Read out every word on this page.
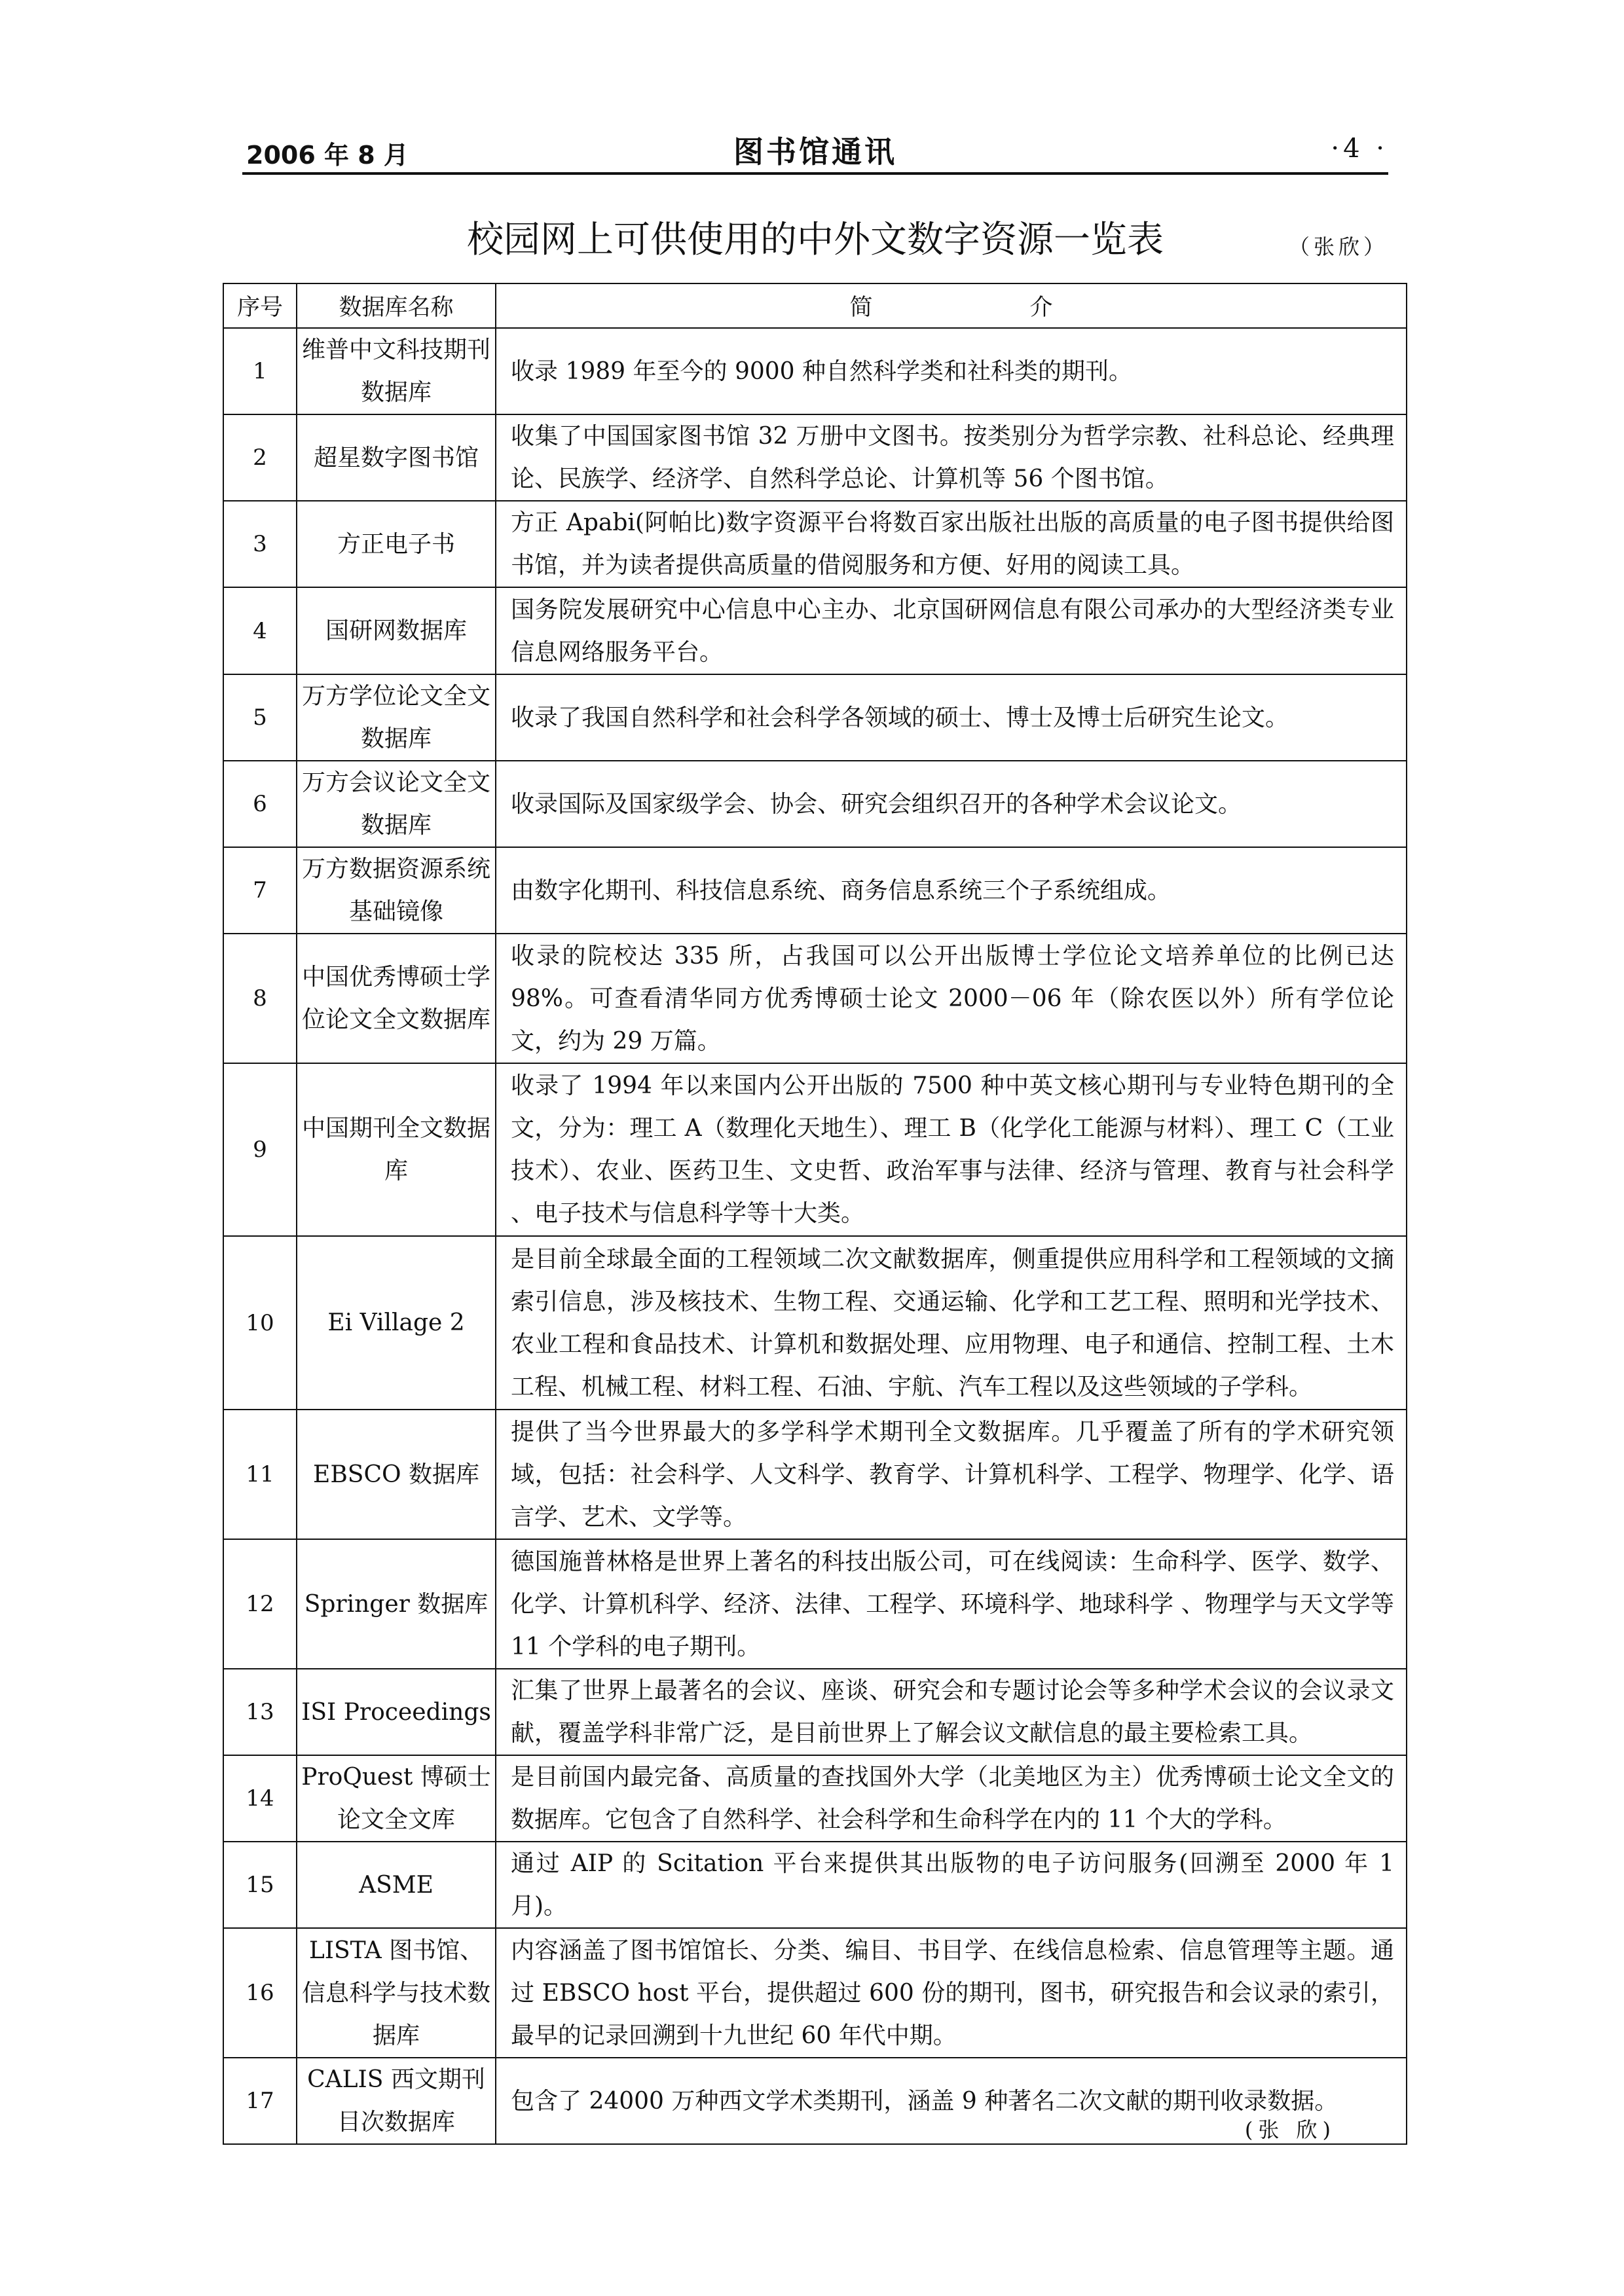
2006 年 8 月	图书馆通讯	·4 ·
校园网上可供使用的中外文数字资源一览表	（张欣）
序号	数据库名称	简 介
1	维普中文科技期刊数据库	收录 1989 年至今的 9000 种自然科学类和社科类的期刊。
2	超星数字图书馆	收集了中国国家图书馆 32 万册中文图书。按类别分为哲学宗教、社科总论、经典理论、民族学、经济学、自然科学总论、计算机等 56 个图书馆。
3	方正电子书	方正 Apabi(阿帕比)数字资源平台将数百家出版社出版的高质量的电子图书提供给图书馆，并为读者提供高质量的借阅服务和方便、好用的阅读工具。
4	国研网数据库	国务院发展研究中心信息中心主办、北京国研网信息有限公司承办的大型经济类专业信息网络服务平台。
5	万方学位论文全文数据库	收录了我国自然科学和社会科学各领域的硕士、博士及博士后研究生论文。
6	万方会议论文全文数据库	收录国际及国家级学会、协会、研究会组织召开的各种学术会议论文。
7	万方数据资源系统基础镜像	由数字化期刊、科技信息系统、商务信息系统三个子系统组成。
8	中国优秀博硕士学位论文全文数据库	收录的院校达 335 所，占我国可以公开出版博士学位论文培养单位的比例已达 98%。可查看清华同方优秀博硕士论文 2000－06 年（除农医以外）所有学位论文，约为 29 万篇。
9	中国期刊全文数据库	收录了 1994 年以来国内公开出版的 7500 种中英文核心期刊与专业特色期刊的全文，分为：理工 A（数理化天地生）、理工 B（化学化工能源与材料）、理工 C（工业技术）、农业、医药卫生、文史哲、政治军事与法律、经济与管理、教育与社会科学 、电子技术与信息科学等十大类。
10	Ei Village 2	是目前全球最全面的工程领域二次文献数据库，侧重提供应用科学和工程领域的文摘索引信息，涉及核技术、生物工程、交通运输、化学和工艺工程、照明和光学技术、农业工程和食品技术、计算机和数据处理、应用物理、电子和通信、控制工程、土木工程、机械工程、材料工程、石油、宇航、汽车工程以及这些领域的子学科。
11	EBSCO 数据库	提供了当今世界最大的多学科学术期刊全文数据库。几乎覆盖了所有的学术研究领域，包括：社会科学、人文科学、教育学、计算机科学、工程学、物理学、化学、语言学、艺术、文学等。
12	Springer 数据库	德国施普林格是世界上著名的科技出版公司，可在线阅读：生命科学、医学、数学、化学、计算机科学、经济、法律、工程学、环境科学、地球科学 、物理学与天文学等 11 个学科的电子期刊。
13	ISI Proceedings	汇集了世界上最著名的会议、座谈、研究会和专题讨论会等多种学术会议的会议录文献，覆盖学科非常广泛，是目前世界上了解会议文献信息的最主要检索工具。
14	ProQuest 博硕士论文全文库	是目前国内最完备、高质量的查找国外大学（北美地区为主）优秀博硕士论文全文的数据库。它包含了自然科学、社会科学和生命科学在内的 11 个大的学科。
15	ASME	通过 AIP 的 Scitation 平台来提供其出版物的电子访问服务(回溯至 2000 年 1 月)。
16	LISTA 图书馆、信息科学与技术数据库	内容涵盖了图书馆馆长、分类、编目、书目学、在线信息检索、信息管理等主题。通过 EBSCO host 平台，提供超过 600 份的期刊，图书，研究报告和会议录的索引，最早的记录回溯到十九世纪 60 年代中期。
17	CALIS 西文期刊目次数据库	包含了 24000 万种西文学术类期刊，涵盖 9 种著名二次文献的期刊收录数据。
(张 欣)
